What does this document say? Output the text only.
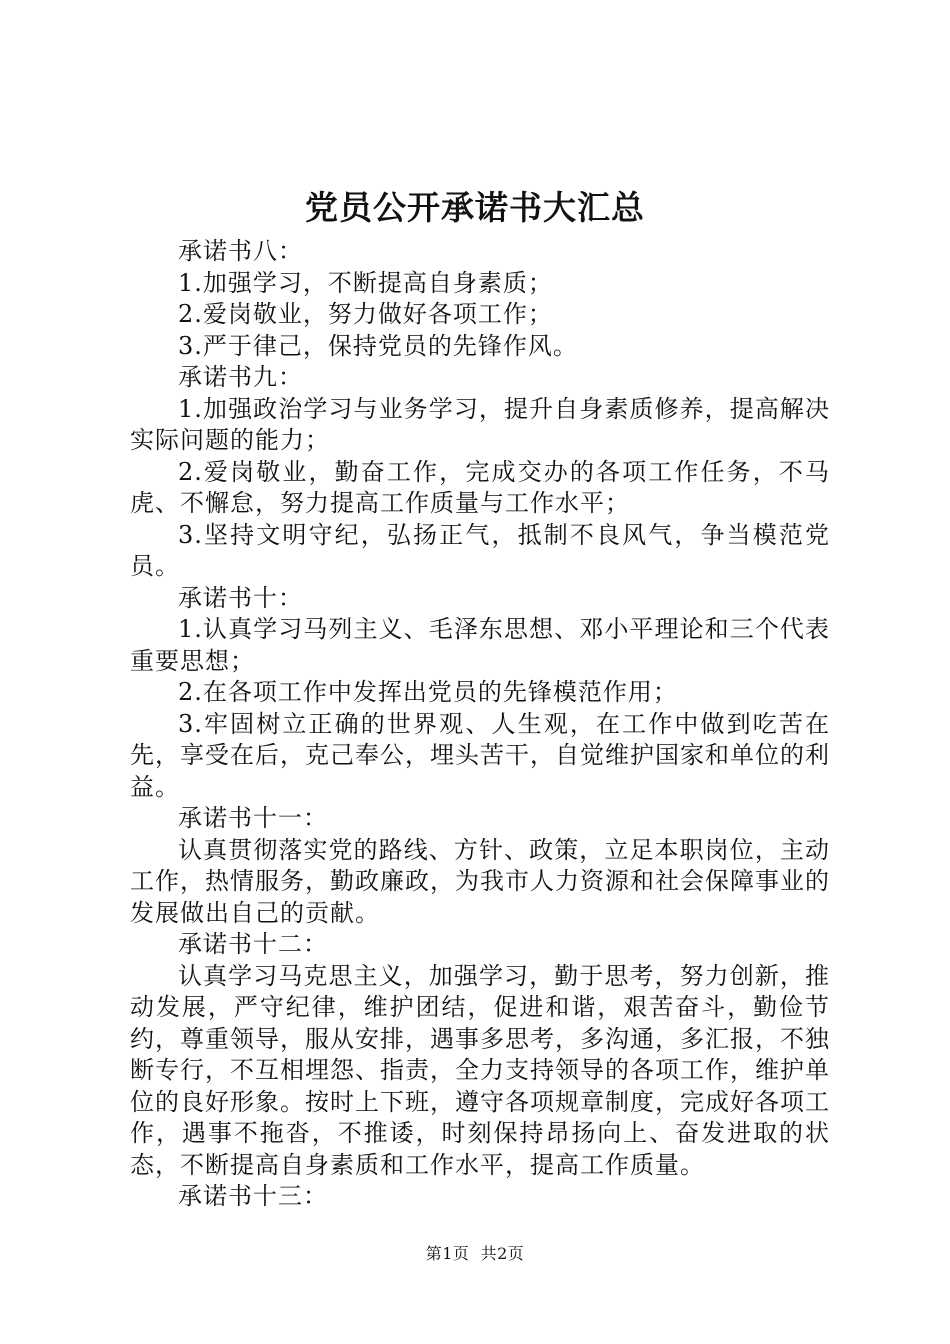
党员公开承诺书大汇总

承诺书八：

1.加强学习，不断提高自身素质；

2.爱岗敬业，努力做好各项工作；

3.严于律己，保持党员的先锋作风。

承诺书九：

1.加强政治学习与业务学习，提升自身素质修养，提高解决实际问题的能力；

2.爱岗敬业，勤奋工作，完成交办的各项工作任务，不马虎、不懈怠，努力提高工作质量与工作水平；

3.坚持文明守纪，弘扬正气，抵制不良风气，争当模范党员。

承诺书十：

1.认真学习马列主义、毛泽东思想、邓小平理论和三个代表重要思想；

2.在各项工作中发挥出党员的先锋模范作用；

3.牢固树立正确的世界观、人生观，在工作中做到吃苦在先，享受在后，克己奉公，埋头苦干，自觉维护国家和单位的利益。

承诺书十一：

认真贯彻落实党的路线、方针、政策，立足本职岗位，主动工作，热情服务，勤政廉政，为我市人力资源和社会保障事业的发展做出自己的贡献。

承诺书十二：

认真学习马克思主义，加强学习，勤于思考，努力创新，推动发展，严守纪律，维护团结，促进和谐，艰苦奋斗，勤俭节约，尊重领导，服从安排，遇事多思考，多沟通，多汇报，不独断专行，不互相埋怨、指责，全力支持领导的各项工作，维护单位的良好形象。按时上下班，遵守各项规章制度，完成好各项工作，遇事不拖沓，不推诿，时刻保持昂扬向上、奋发进取的状态，不断提高自身素质和工作水平，提高工作质量。

承诺书十三：

第1页 共2页
